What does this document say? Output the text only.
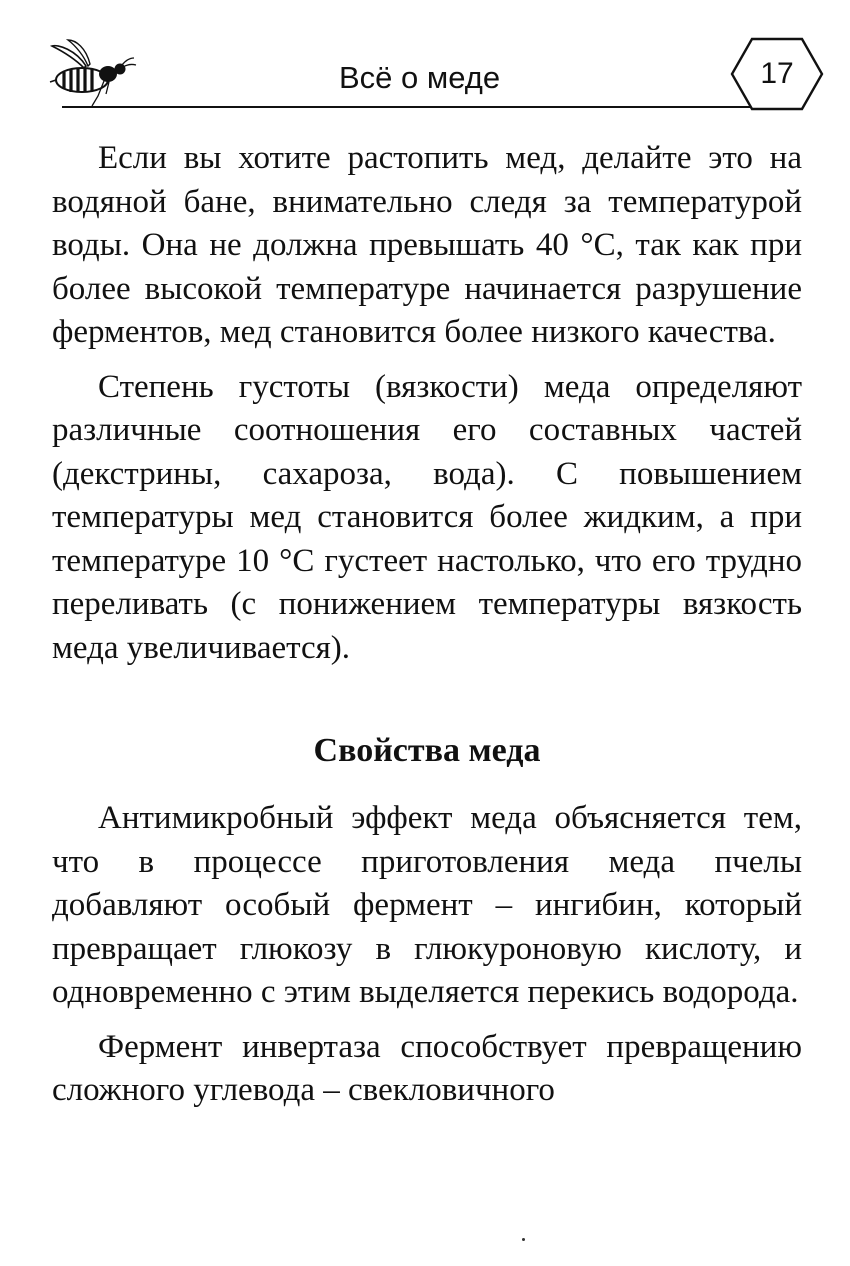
Всё о меде	17

Если вы хотите растопить мед, делайте это на водяной бане, внимательно следя за температурой воды. Она не должна превышать 40 °С, так как при более высокой температуре начинается разрушение ферментов, мед становится более низкого качества.

Степень густоты (вязкости) меда определяют различные соотношения его составных частей (декстрины, сахароза, вода). С повышением температуры мед становится более жидким, а при температуре 10 °С густеет настолько, что его трудно переливать (с понижением температуры вязкость меда увеличивается).

Свойства меда

Антимикробный эффект меда объясняется тем, что в процессе приготовления меда пчелы добавляют особый фермент – ингибин, который превращает глюкозу в глюкуроновую кислоту, и одновременно с этим выделяется перекись водорода.

Фермент инвертаза способствует превращению сложного углевода – свекловичного
